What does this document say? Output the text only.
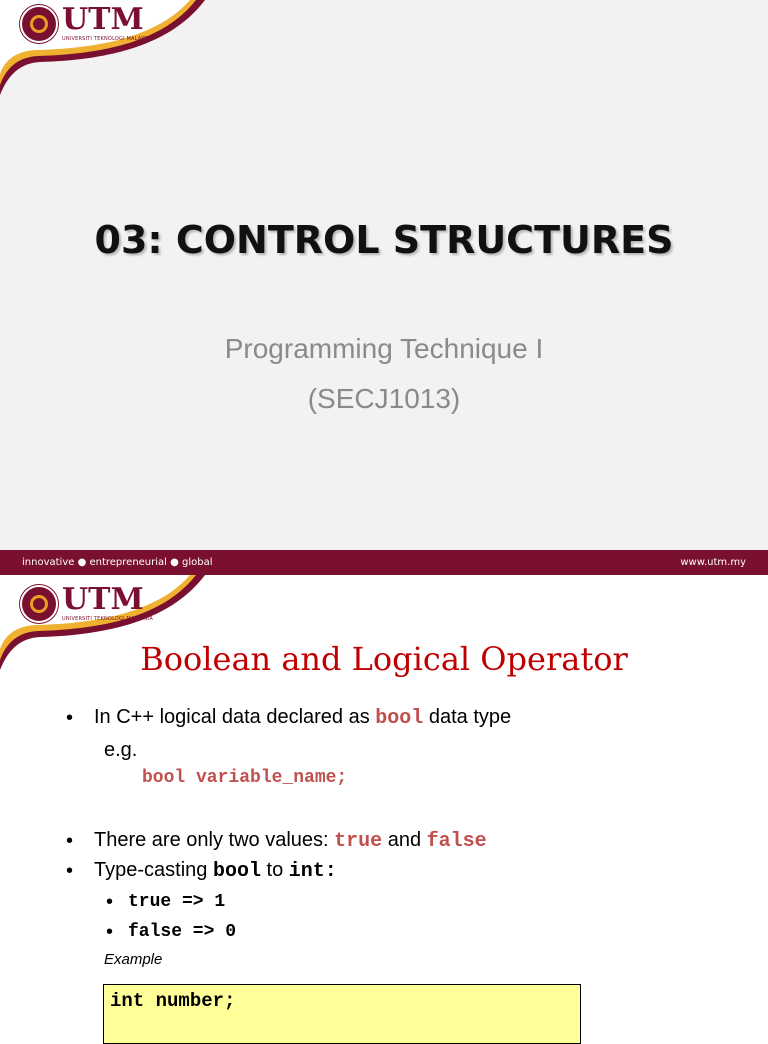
UTM
UNIVERSITI TEKNOLOGI MALAYSIA
03: CONTROL STRUCTURES
Programming Technique I
(SECJ1013)
innovative ● entrepreneurial ● global	www.utm.my
UTM
UNIVERSITI TEKNOLOGI MALAYSIA
Boolean and Logical Operator
• In C++ logical data declared as bool data type
e.g.
bool variable_name;
• There are only two values: true and false
• Type-casting bool to int:
• true => 1
• false => 0
Example
int number;
